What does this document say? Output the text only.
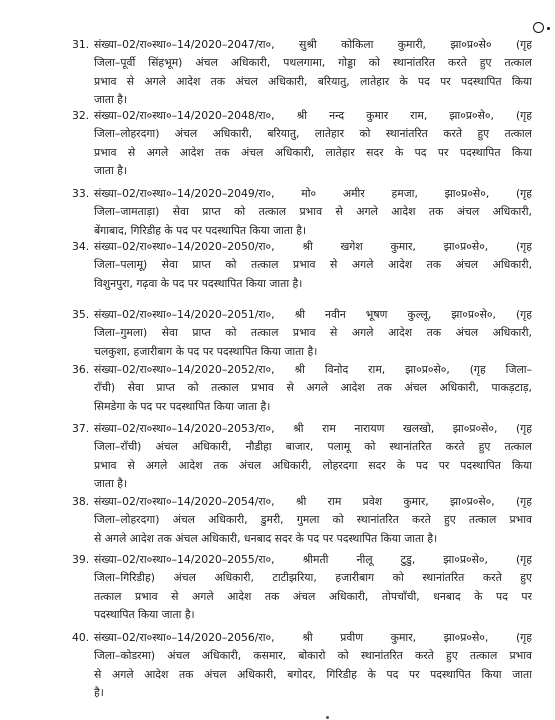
31. संख्या–02/रा०स्था०–14/2020–2047/रा०, सुश्री कोकिला कुमारी, झा०प्र०से० (गृह
जिला–पूर्वी सिंहभूम) अंचल अधिकारी, पथलगामा, गोड्डा को स्थानांतरित करते हुए तत्काल
प्रभाव से अगले आदेश तक अंचल अधिकारी, बरियातु, लातेहार के पद पर पदस्थापित किया
जाता है।
32. संख्या–02/रा०स्था०–14/2020–2048/रा०, श्री नन्द कुमार राम, झा०प्र०से०, (गृह
जिला–लोहरदगा) अंचल अधिकारी, बरियातु, लातेहार को स्थानांतरित करते हुए तत्काल
प्रभाव से अगले आदेश तक अंचल अधिकारी, लातेहार सदर के पद पर पदस्थापित किया
जाता है।
33. संख्या–02/रा०स्था०–14/2020–2049/रा०, मो० अमीर हमजा, झा०प्र०से०, (गृह
जिला–जामताड़ा) सेवा प्राप्त को तत्काल प्रभाव से अगले आदेश तक अंचल अधिकारी,
बेंगाबाद, गिरिडीह के पद पर पदस्थापित किया जाता है।
34. संख्या–02/रा०स्था०–14/2020–2050/रा०, श्री खगेश कुमार, झा०प्र०से०, (गृह
जिला–पलामू) सेवा प्राप्त को तत्काल प्रभाव से अगले आदेश तक अंचल अधिकारी,
विशुनपुरा, गढ़वा के पद पर पदस्थापित किया जाता है।
35. संख्या–02/रा०स्था०–14/2020–2051/रा०, श्री नवीन भूषण कुल्लू, झा०प्र०से०, (गृह
जिला–गुमला) सेवा प्राप्त को तत्काल प्रभाव से अगले आदेश तक अंचल अधिकारी,
चलकुशा, हजारीबाग के पद पर पदस्थापित किया जाता है।
36. संख्या–02/रा०स्था०–14/2020–2052/रा०, श्री विनोद राम, झा०प्र०से०, (गृह जिला–
राँची) सेवा प्राप्त को तत्काल प्रभाव से अगले आदेश तक अंचल अधिकारी, पाकड़टाड़,
सिमडेगा के पद पर पदस्थापित किया जाता है।
37. संख्या–02/रा०स्था०–14/2020–2053/रा०, श्री राम नारायण खलखो, झा०प्र०से०, (गृह
जिला–राँची) अंचल अधिकारी, नौडीहा बाजार, पलामू को स्थानांतरित करते हुए तत्काल
प्रभाव से अगले आदेश तक अंचल अधिकारी, लोहरदगा सदर के पद पर पदस्थापित किया
जाता है।
38. संख्या–02/रा०स्था०–14/2020–2054/रा०, श्री राम प्रवेश कुमार, झा०प्र०से०, (गृह
जिला–लोहरदगा) अंचल अधिकारी, डुमरी, गुमला को स्थानांतरित करते हुए तत्काल प्रभाव
से अगले आदेश तक अंचल अधिकारी, धनबाद सदर के पद पर पदस्थापित किया जाता है।
39. संख्या–02/रा०स्था०–14/2020–2055/रा०, श्रीमती नीलू टुडु, झा०प्र०से०, (गृह
जिला–गिरिडीह) अंचल अधिकारी, टाटीझरिया, हजारीबाग को स्थानांतरित करते हुए
तत्काल प्रभाव से अगले आदेश तक अंचल अधिकारी, तोपचाँची, धनबाद के पद पर
पदस्थापित किया जाता है।
40. संख्या–02/रा०स्था०–14/2020–2056/रा०, श्री प्रवीण कुमार, झा०प्र०से०, (गृह
जिला–कोडरमा) अंचल अधिकारी, कसमार, बोकारो को स्थानांतरित करते हुए तत्काल प्रभाव
से अगले आदेश तक अंचल अधिकारी, बगोदर, गिरिडीह के पद पर पदस्थापित किया जाता
है।
